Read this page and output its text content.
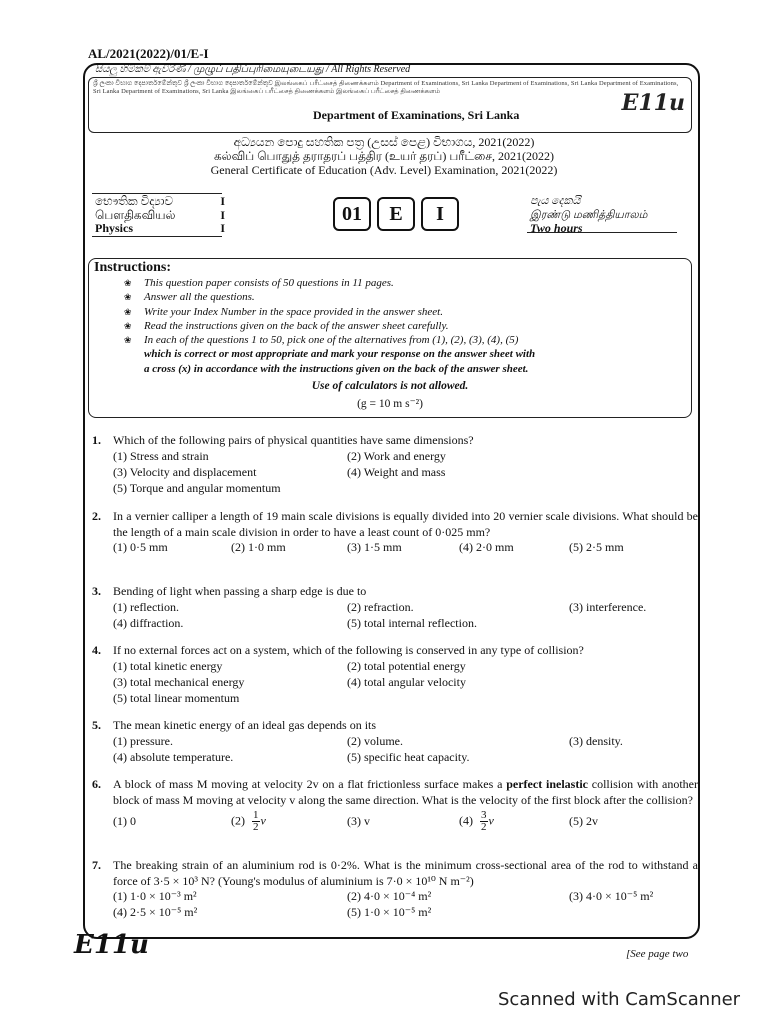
AL/2021(2022)/01/E-I
සියලු හිමිකම් ඇවිරිණි / முழுப் பதிப்புரிமையுடையது / All Rights Reserved
ශ්‍රී ලංකා විභාග දෙපාර්තමේන්තුව ශ්‍රී ලංකා විභාග දෙපාර්තමේන්තුව இலங்கைப் பரீட்சைத் திணைக்களம் Department of Examinations, Sri Lanka Department of Examinations, Sri Lanka Department of Examinations, Sri Lanka Department of Examinations, Sri Lanka இலங்கைப் பரீட்சைத் திணைக்களம் இலங்கைப் பரீட்சைத் திணைக்களம்
Department of Examinations, Sri Lanka	E11u
අධ්‍යයන පොදු සහතික පත්‍ර (උසස් පෙළ) විභාගය, 2021(2022)
கல்விப் பொதுத் தராதரப் பத்திர (உயர் தரப்) பரீட்சை, 2021(2022)
General Certificate of Education (Adv. Level) Examination, 2021(2022)
භෞතික විද්‍යාව	I
பௌதிகவியல்	I
Physics	I
01	E	I
පැය දෙකයි
இரண்டு மணித்தியாலம்
Two hours
Instructions:
❀ This question paper consists of 50 questions in 11 pages.
❀ Answer all the questions.
❀ Write your Index Number in the space provided in the answer sheet.
❀ Read the instructions given on the back of the answer sheet carefully.
❀ In each of the questions 1 to 50, pick one of the alternatives from (1), (2), (3), (4), (5)
which is correct or most appropriate and mark your response on the answer sheet with
a cross (x) in accordance with the instructions given on the back of the answer sheet.
Use of calculators is not allowed.
(g = 10 m s⁻²)
1. Which of the following pairs of physical quantities have same dimensions?
(1) Stress and strain	(2) Work and energy
(3) Velocity and displacement	(4) Weight and mass
(5) Torque and angular momentum
2. In a vernier calliper a length of 19 main scale divisions is equally divided into 20 vernier scale divisions. What should be the length of a main scale division in order to have a least count of 0·025 mm?
(1) 0·5 mm	(2) 1·0 mm	(3) 1·5 mm	(4) 2·0 mm	(5) 2·5 mm
3. Bending of light when passing a sharp edge is due to
(1) reflection.	(2) refraction.	(3) interference.
(4) diffraction.	(5) total internal reflection.
4. If no external forces act on a system, which of the following is conserved in any type of collision?
(1) total kinetic energy	(2) total potential energy
(3) total mechanical energy	(4) total angular velocity
(5) total linear momentum
5. The mean kinetic energy of an ideal gas depends on its
(1) pressure.	(2) volume.	(3) density.
(4) absolute temperature.	(5) specific heat capacity.
6. A block of mass M moving at velocity 2v on a flat frictionless surface makes a perfect inelastic collision with another block of mass M moving at velocity v along the same direction. What is the velocity of the first block after the collision?
(1) 0	$(2) \frac{1}{2}$ v	(3) v	$(4) \frac{3}{2}$ v	(5) 2v
7. The breaking strain of an aluminium rod is 0·2%. What is the minimum cross-sectional area of the rod to withstand a force of 3·5 × 10³ N? (Young's modulus of aluminium is 7·0 × 10¹⁰ N m⁻²)
(1) 1·0 × 10⁻³ m²	(2) 4·0 × 10⁻⁴ m²	(3) 4·0 × 10⁻⁵ m²
(4) 2·5 × 10⁻⁵ m²	(5) 1·0 × 10⁻⁵ m²
E11u	[See page two
Scanned with CamScanner
